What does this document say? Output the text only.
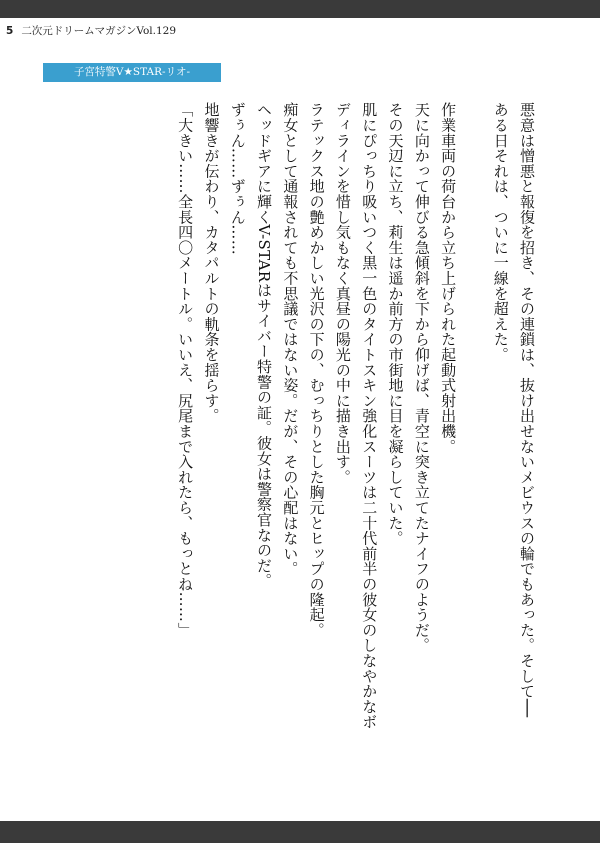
5 二次元ドリームマガジンVol.129
子宮特警V★STAR-リオ-

悪意は憎悪と報復を招き、その連鎖は、抜け出せないメビウスの輪でもあった。そして──

ある日それは、ついに一線を超えた。

作業車両の荷台から立ち上げられた起動式射出機。

天に向かって伸びる急傾斜を下から仰げば、青空に突き立てたナイフのようだ。

その天辺に立ち、莉生は遥か前方の市街地に目を凝らしていた。

肌にぴっちり吸いつく黒一色のタイトスキン強化スーツは二十代前半の彼女のしなやかなボディラインを惜し気もなく真昼の陽光の中に描き出す。

ラテックス地の艶めかしい光沢の下の、むっちりとした胸元とヒップの隆起。

痴女として通報されても不思議ではない姿。だが、その心配はない。

ヘッドギアに輝くV-STARはサイバー特警の証。彼女は警察官なのだ。

ずぅん……ずぅん……

地響きが伝わり、カタパルトの軌条を揺らす。

「大きい……全長四〇メートル。いいえ、尻尾まで入れたら、もっとね……」
